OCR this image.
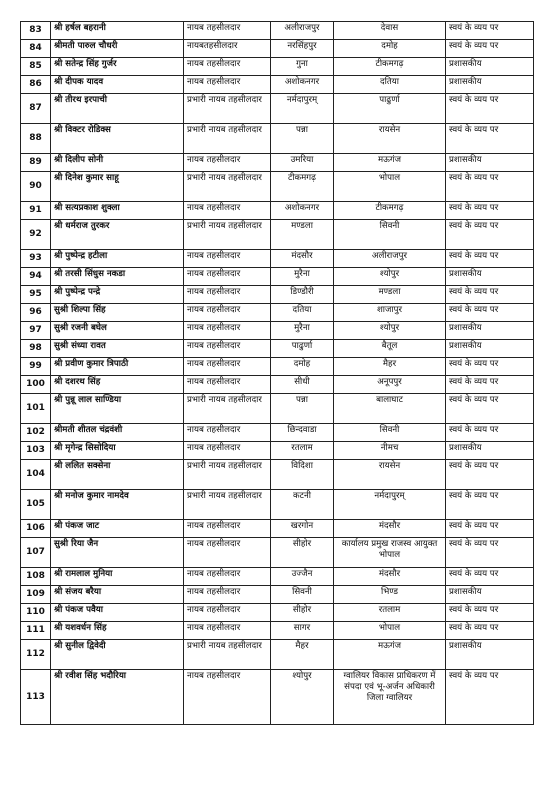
83	श्री हर्षल बहरानी	नायब तहसीलदार	अलीराजपुर	देवास	स्वयं के व्यय पर
84	श्रीमती पारुल चौधरी	नायबतहसीलदार	नरसिंहपुर	दमोह	स्वयं के व्यय पर
85	श्री सतेन्द्र सिंह गुर्जर	नायब तहसीलदार	गुना	टीकमगढ़	प्रशासकीय
86	श्री दीपक यादव	नायब तहसीलदार	अशोकनगर	दतिया	प्रशासकीय
87	श्री तीरथ इरपाची	प्रभारी नायब तहसीलदार	नर्मदापुरम्	पाढुर्णा	स्वयं के व्यय पर
88	श्री विक्टर रोडिक्स	प्रभारी नायब तहसीलदार	पन्ना	रायसेन	स्वयं के व्यय पर
89	श्री दिलीप सोनी	नायब तहसीलदार	उमरिया	मऊगंज	प्रशासकीय
90	श्री दिनेश कुमार साहू	प्रभारी नायब तहसीलदार	टीकमगढ़	भोपाल	स्वयं के व्यय पर
91	श्री सत्यप्रकाश शुक्ला	नायब तहसीलदार	अशोकनगर	टीकमगढ़	स्वयं के व्यय पर
92	श्री धर्मराज तुरकर	प्रभारी नायब तहसीलदार	मण्डला	सिवनी	स्वयं के व्यय पर
93	श्री पुष्पेन्द्र हटीला	नायब तहसीलदार	मंदसौर	अलीराजपुर	स्वयं के व्यय पर
94	श्री तरसी सिंधुस नकडा	नायब तहसीलदार	मुरैना	श्योपुर	प्रशासकीय
95	श्री पुष्पेन्द्र पन्द्रे	नायब तहसीलदार	डिण्डौरी	मण्डला	स्वयं के व्यय पर
96	सुश्री शिल्पा सिंह	नायब तहसीलदार	दतिया	शाजापुर	स्वयं के व्यय पर
97	सुश्री रजनी बघेल	नायब तहसीलदार	मुरैना	श्योपुर	प्रशासकीय
98	सुश्री संध्या रावत	नायब तहसीलदार	पाढुर्णा	बैतूल	प्रशासकीय
99	श्री प्रवीण कुमार त्रिपाठी	नायब तहसीलदार	दमोह	मैहर	स्वयं के व्यय पर
100	श्री दशरथ सिंह	नायब तहसीलदार	सीधी	अनूपपुर	स्वयं के व्यय पर
101	श्री पुन्नू लाल साण्डिया	प्रभारी नायब तहसीलदार	पन्ना	बालाघाट	स्वयं के व्यय पर
102	श्रीमती शीतल चंद्रवंशी	नायब तहसीलदार	छिन्दवाडा	सिवनी	स्वयं के व्यय पर
103	श्री मृगेन्द्र सिसोदिया	नायब तहसीलदार	रतलाम	नीमच	प्रशासकीय
104	श्री ललित सक्सेना	प्रभारी नायब तहसीलदार	विदिशा	रायसेन	स्वयं के व्यय पर
105	श्री मनोज कुमार नामदेव	प्रभारी नायब तहसीलदार	कटनी	नर्मदापुरम्	स्वयं के व्यय पर
106	श्री पंकज जाट	नायब तहसीलदार	खरगोन	मंदसौर	स्वयं के व्यय पर
107	सुश्री रिया जैन	नायब तहसीलदार	सीहोर	कार्यालय प्रमुख राजस्व आयुक्त भोपाल	स्वयं के व्यय पर
108	श्री रामलाल मुनिया	नायब तहसीलदार	उज्जैन	मंदसौर	स्वयं के व्यय पर
109	श्री संजय बरैया	नायब तहसीलदार	सिवनी	भिण्ड	प्रशासकीय
110	श्री पंकज पवैया	नायब तहसीलदार	सीहोर	रतलाम	स्वयं के व्यय पर
111	श्री यशवर्धन सिंह	नायब तहसीलदार	सागर	भोपाल	स्वयं के व्यय पर
112	श्री सुनील द्विवेदी	प्रभारी नायब तहसीलदार	मैहर	मऊगंज	प्रशासकीय
113	श्री रवीश सिंह भदौरिया	नायब तहसीलदार	श्योपुर	ग्वालियर विकास प्राधिकरण में संपदा एवं भू-अर्जन अधिकारी जिला ग्वालियर	स्वयं के व्यय पर
